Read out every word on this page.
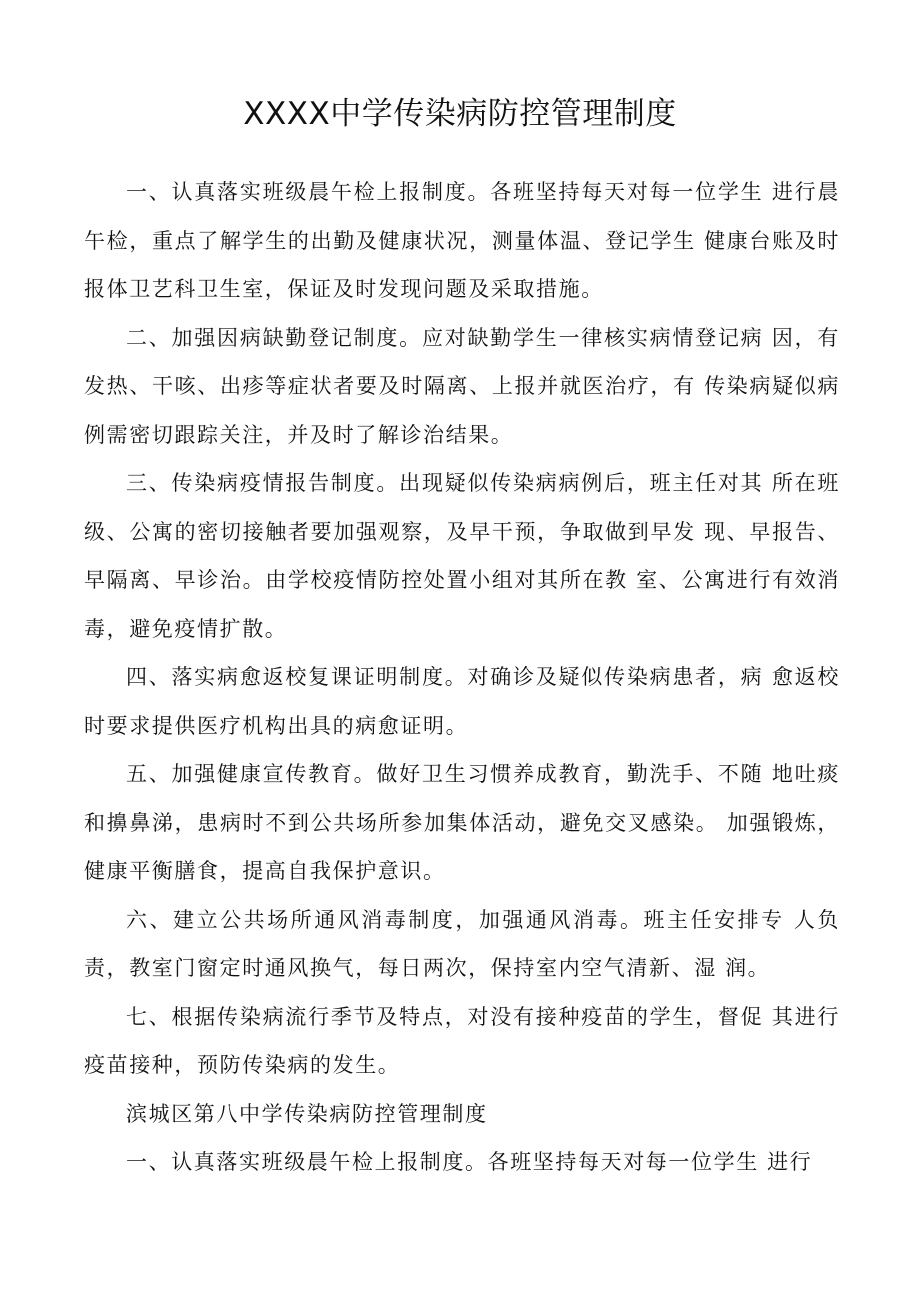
XXXX中学传染病防控管理制度

一、认真落实班级晨午检上报制度。各班坚持每天对每一位学生 进行晨午检，重点了解学生的出勤及健康状况，测量体温、登记学生 健康台账及时报体卫艺科卫生室，保证及时发现问题及采取措施。

二、加强因病缺勤登记制度。应对缺勤学生一律核实病情登记病 因，有发热、干咳、出疹等症状者要及时隔离、上报并就医治疗，有 传染病疑似病例需密切跟踪关注，并及时了解诊治结果。

三、传染病疫情报告制度。出现疑似传染病病例后，班主任对其 所在班级、公寓的密切接触者要加强观察，及早干预，争取做到早发 现、早报告、早隔离、早诊治。由学校疫情防控处置小组对其所在教 室、公寓进行有效消毒，避免疫情扩散。

四、落实病愈返校复课证明制度。对确诊及疑似传染病患者，病 愈返校时要求提供医疗机构出具的病愈证明。

五、加强健康宣传教育。做好卫生习惯养成教育，勤洗手、不随 地吐痰和擤鼻涕，患病时不到公共场所参加集体活动，避免交叉感染。 加强锻炼，健康平衡膳食，提高自我保护意识。

六、建立公共场所通风消毒制度，加强通风消毒。班主任安排专 人负责，教室门窗定时通风换气，每日两次，保持室内空气清新、湿 润。

七、根据传染病流行季节及特点，对没有接种疫苗的学生，督促 其进行疫苗接种，预防传染病的发生。

滨城区第八中学传染病防控管理制度

一、认真落实班级晨午检上报制度。各班坚持每天对每一位学生 进行
